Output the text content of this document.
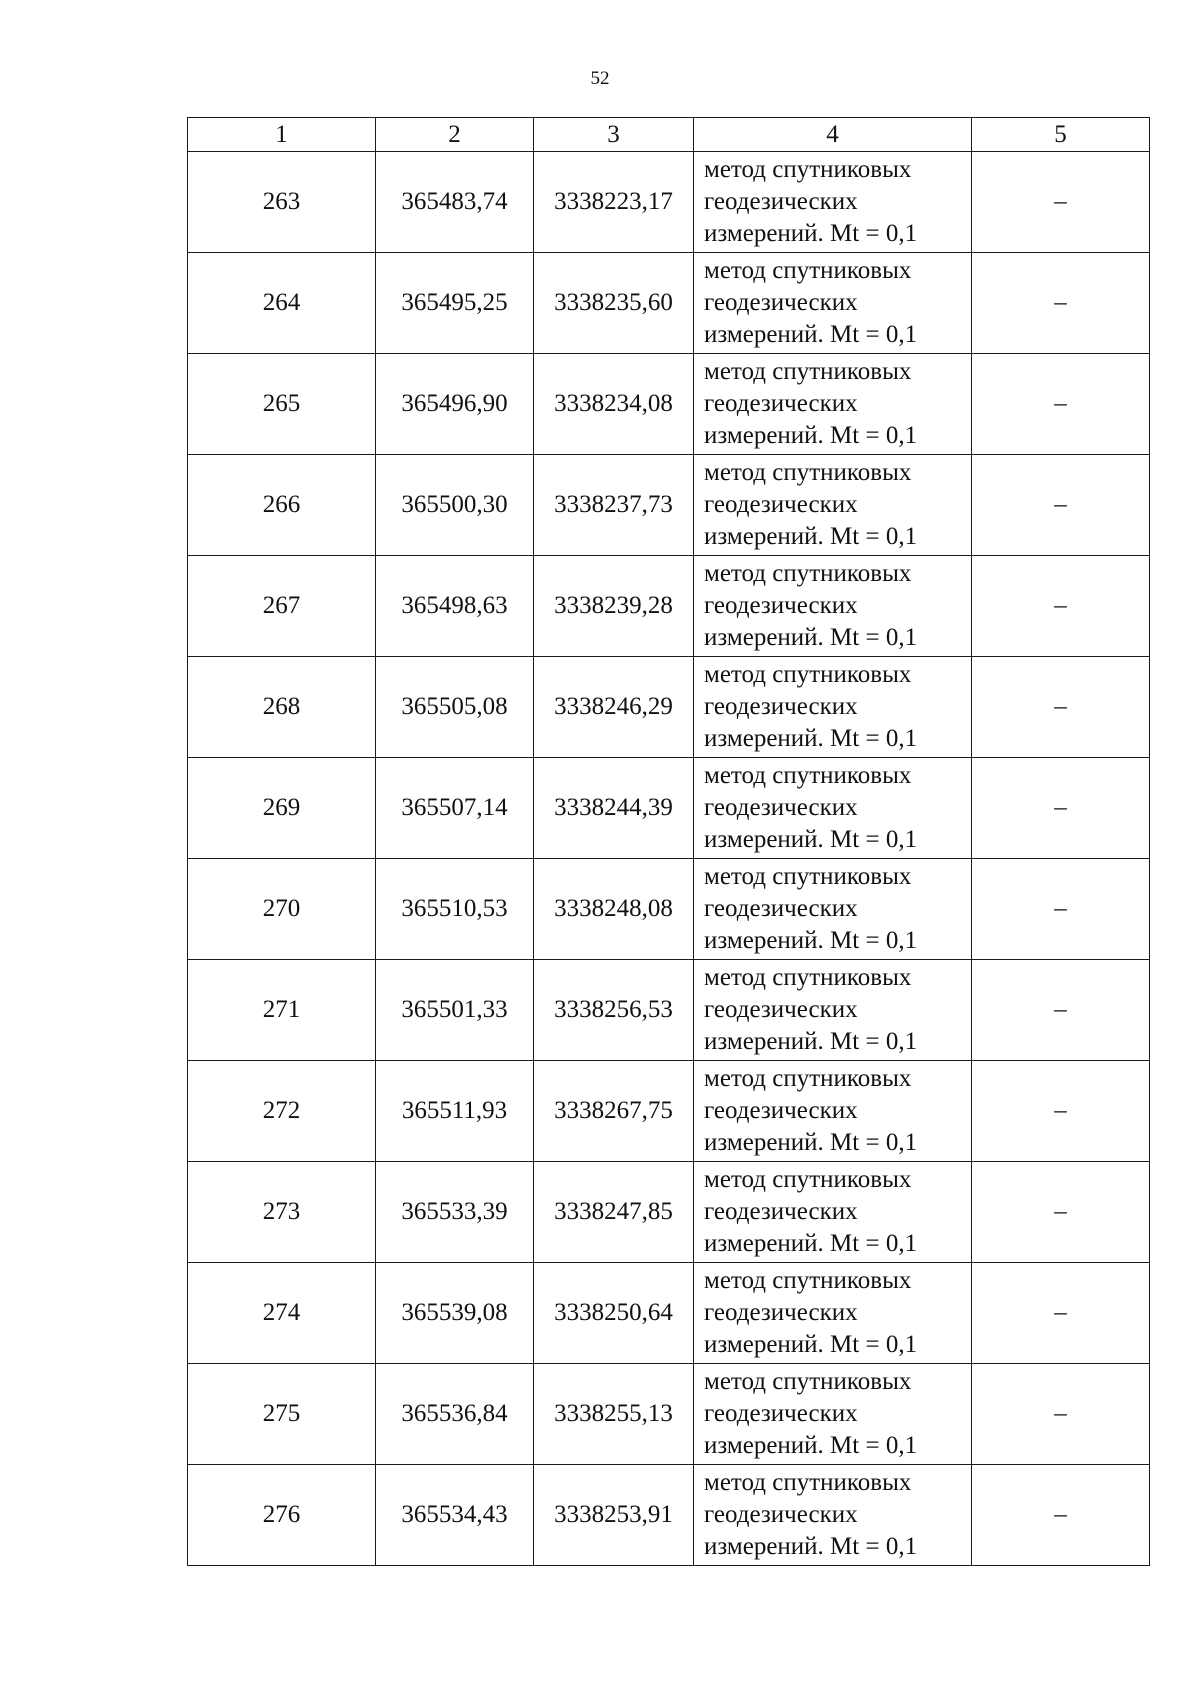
52
1	2	3	4	5
263	365483,74	3338223,17	метод спутниковых
геодезических
измерений. Mt = 0,1	–
264	365495,25	3338235,60	метод спутниковых
геодезических
измерений. Mt = 0,1	–
265	365496,90	3338234,08	метод спутниковых
геодезических
измерений. Mt = 0,1	–
266	365500,30	3338237,73	метод спутниковых
геодезических
измерений. Mt = 0,1	–
267	365498,63	3338239,28	метод спутниковых
геодезических
измерений. Mt = 0,1	–
268	365505,08	3338246,29	метод спутниковых
геодезических
измерений. Mt = 0,1	–
269	365507,14	3338244,39	метод спутниковых
геодезических
измерений. Mt = 0,1	–
270	365510,53	3338248,08	метод спутниковых
геодезических
измерений. Mt = 0,1	–
271	365501,33	3338256,53	метод спутниковых
геодезических
измерений. Mt = 0,1	–
272	365511,93	3338267,75	метод спутниковых
геодезических
измерений. Mt = 0,1	–
273	365533,39	3338247,85	метод спутниковых
геодезических
измерений. Mt = 0,1	–
274	365539,08	3338250,64	метод спутниковых
геодезических
измерений. Mt = 0,1	–
275	365536,84	3338255,13	метод спутниковых
геодезических
измерений. Mt = 0,1	–
276	365534,43	3338253,91	метод спутниковых
геодезических
измерений. Mt = 0,1	–
